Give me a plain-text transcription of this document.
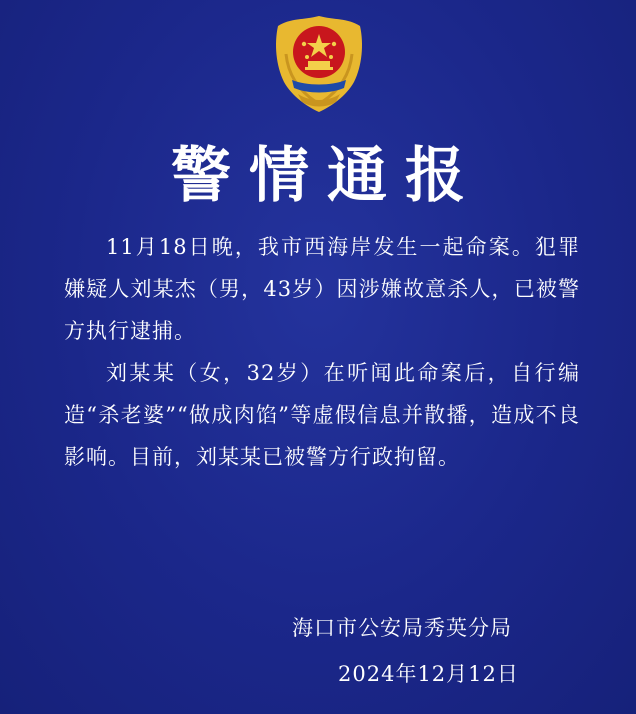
警情通报

11月18日晚，我市西海岸发生一起命案。犯罪嫌疑人刘某杰（男，43岁）因涉嫌故意杀人，已被警方执行逮捕。

刘某某（女，32岁）在听闻此命案后，自行编造“杀老婆”“做成肉馅”等虚假信息并散播，造成不良影响。目前，刘某某已被警方行政拘留。

海口市公安局秀英分局
2024年12月12日
